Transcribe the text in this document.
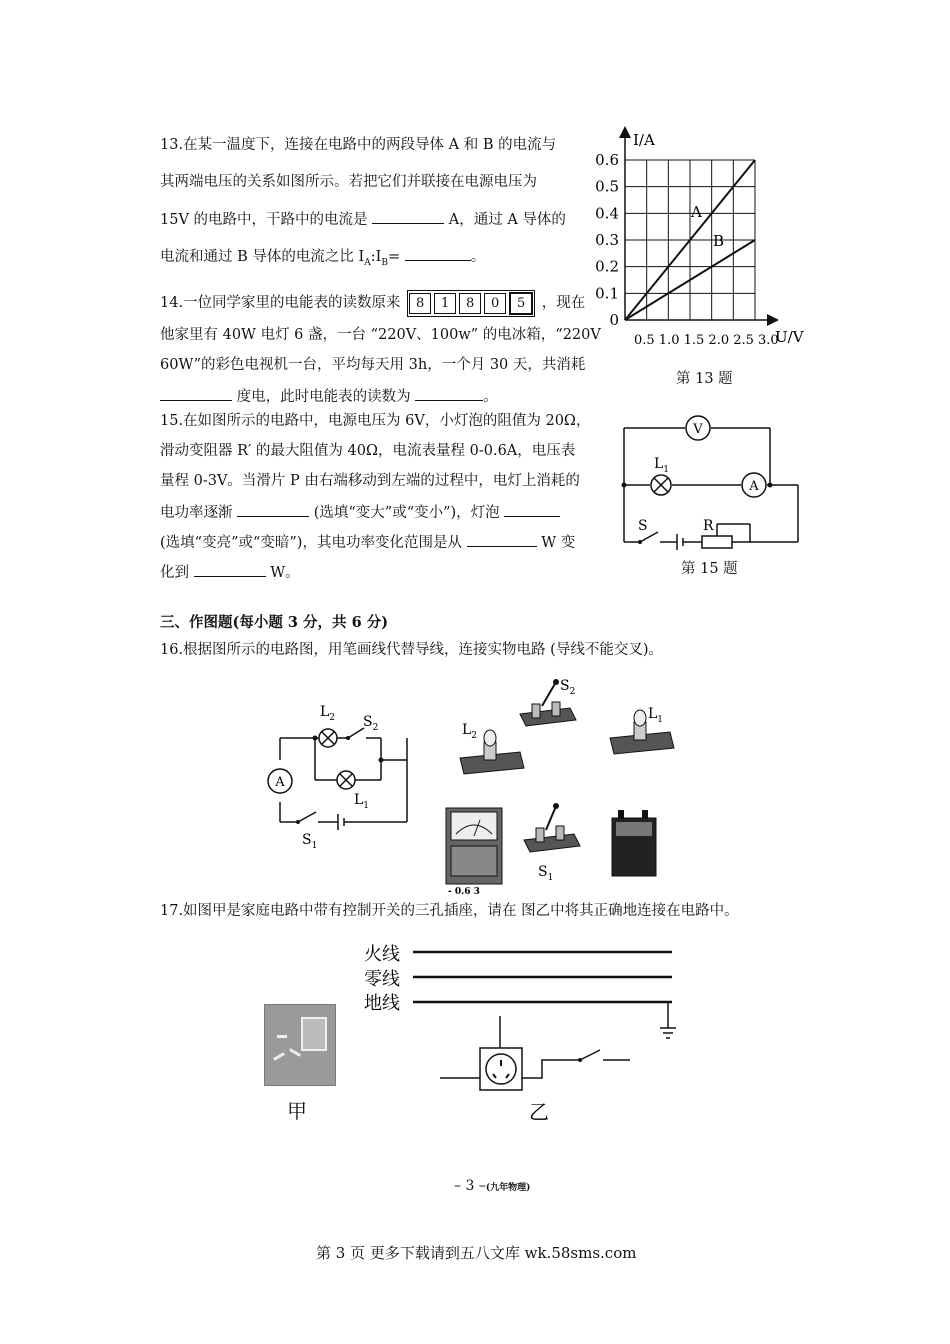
13.在某一温度下，连接在电路中的两段导体 A 和 B 的电流与
其两端电压的关系如图所示。若把它们并联接在电源电压为
15V 的电路中，干路中的电流是	A，通过 A 导体的
电流和通过 B 导体的电流之比 $I_A:I_B=$	。
I/A
U/V
0.6
0.5
0.4
0.3
0.2
0.1
0
0.5 1.0 1.5 2.0 2.5 3.0
A
B
第 13 题
14.一位同学家里的电能表的读数原来 8 1 8 0 5 ，现在
他家里有 40W 电灯 6 盏，一台 “220V、100w” 的电冰箱，“220V
60W”的彩色电视机一台，平均每天用 3h，一个月 30 天，共消耗
度电，此时电能表的读数为	。
15.在如图所示的电路中，电源电压为 6V，小灯泡的阻值为 20Ω，
滑动变阻器 R′ 的最大阻值为 40Ω，电流表量程 0-0.6A，电压表
量程 0-3V。当滑片 P 由右端移动到左端的过程中，电灯上消耗的
电功率逐渐	(选填“变大”或“变小”)，灯泡
(选填“变亮”或“变暗”)，其电功率变化范围是从	W 变
化到	W。
V
$L_1$
A
S	R
第 15 题
三、作图题(每小题 3 分，共 6 分)
16.根据图所示的电路图，用笔画线代替导线，连接实物电路 (导线不能交叉)。
A
$L_2$ $S_2$
$L_1$
$S_1$
$S_2$
$L_2$
$L_1$
- 0.6 3
$S_1$
17.如图甲是家庭电路中带有控制开关的三孔插座，请在 图乙中将其正确地连接在电路中。
火线
零线
地线
乙
甲
– 3 –(九年物理)
第 3 页 更多下载请到五八文库 wk.58sms.com
